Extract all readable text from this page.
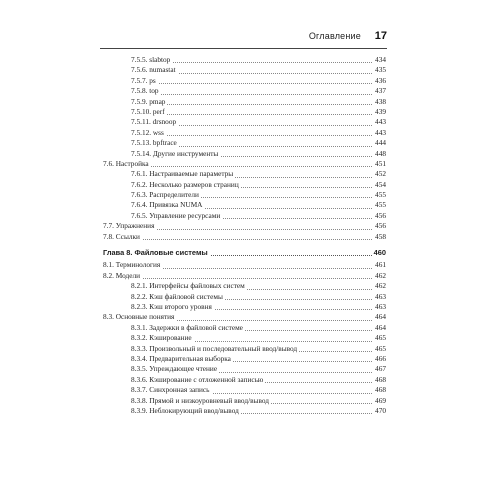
Оглавление 17
7.5.5. slabtop	434
7.5.6. numastat	435
7.5.7. ps	436
7.5.8. top	437
7.5.9. pmap	438
7.5.10. perf	439
7.5.11. drsnoop	443
7.5.12. wss	443
7.5.13. bpftrace	444
7.5.14. Другие инструменты	448
7.6. Настройка	451
7.6.1. Настраиваемые параметры	452
7.6.2. Несколько размеров страниц	454
7.6.3. Распределители	455
7.6.4. Привязка NUMA	455
7.6.5. Управление ресурсами	456
7.7. Упражнения	456
7.8. Ссылки	458
Глава 8. Файловые системы	460
8.1. Терминология	461
8.2. Модели	462
8.2.1. Интерфейсы файловых систем	462
8.2.2. Кэш файловой системы	463
8.2.3. Кэш второго уровня	463
8.3. Основные понятия	464
8.3.1. Задержки в файловой системе	464
8.3.2. Кэширование	465
8.3.3. Произвольный и последовательный ввод/вывод	465
8.3.4. Предварительная выборка	466
8.3.5. Упреждающее чтение	467
8.3.6. Кэширование с отложенной записью	468
8.3.7. Синхронная запись	468
8.3.8. Прямой и низкоуровневый ввод/вывод	469
8.3.9. Неблокирующий ввод/вывод	470
